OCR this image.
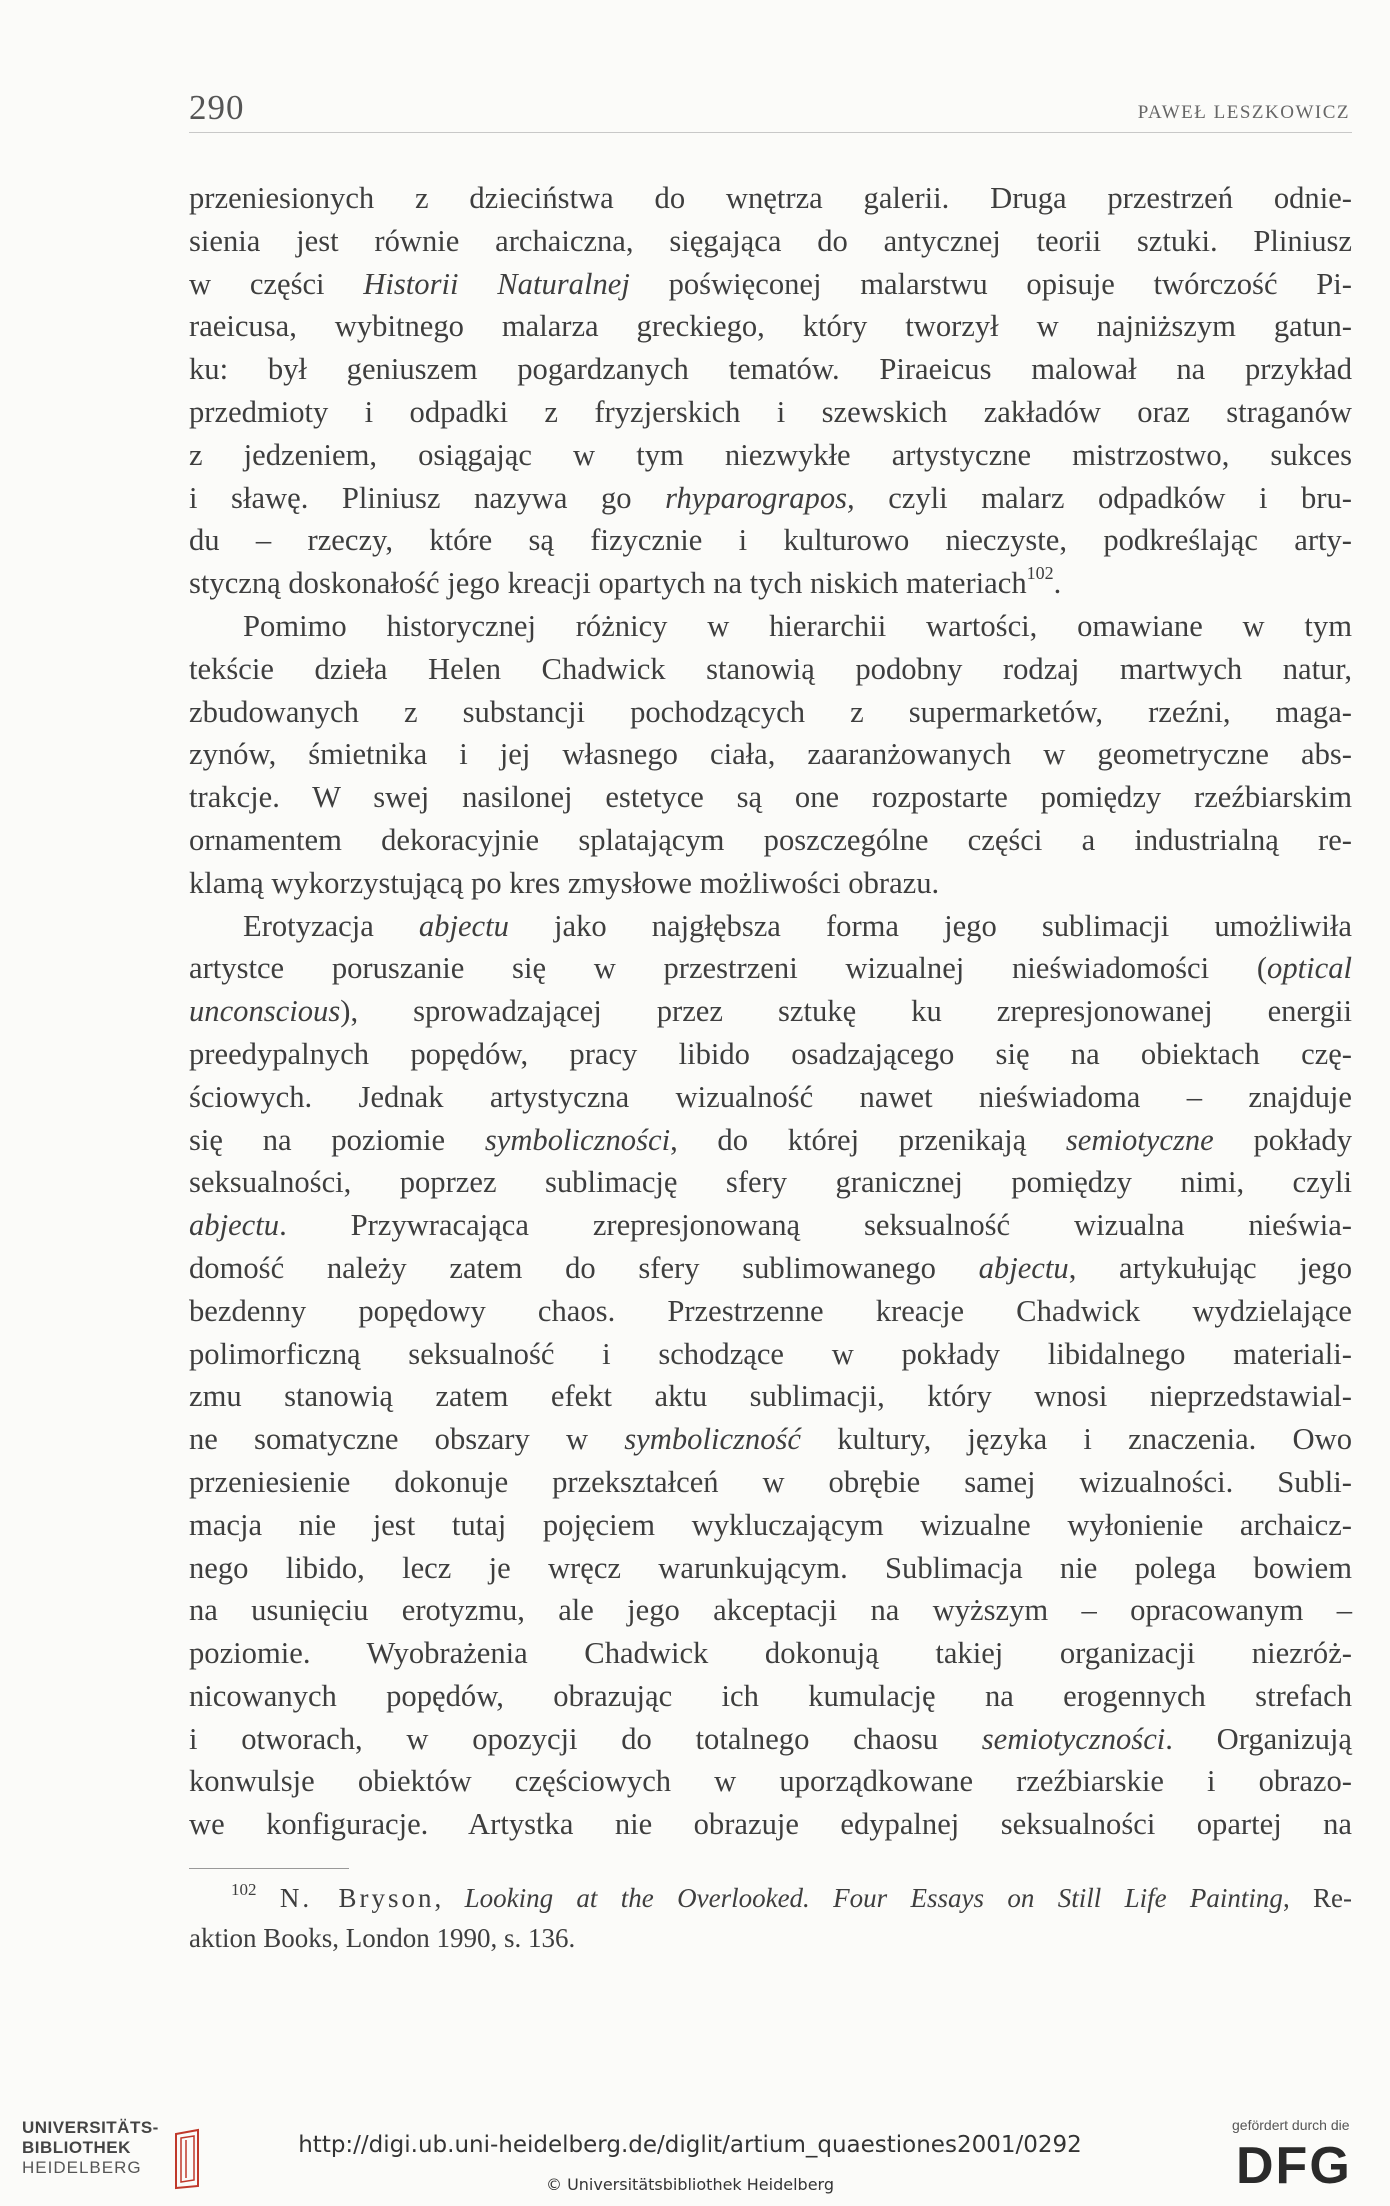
290	PAWEŁ LESZKOWICZ
przeniesionych z dzieciństwa do wnętrza galerii. Druga przestrzeń odnie-
sienia jest równie archaiczna, sięgająca do antycznej teorii sztuki. Pliniusz
w części Historii Naturalnej poświęconej malarstwu opisuje twórczość Pi-
raeicusa, wybitnego malarza greckiego, który tworzył w najniższym gatun-
ku: był geniuszem pogardzanych tematów. Piraeicus malował na przykład
przedmioty i odpadki z fryzjerskich i szewskich zakładów oraz straganów
z jedzeniem, osiągając w tym niezwykłe artystyczne mistrzostwo, sukces
i sławę. Pliniusz nazywa go rhyparograpos, czyli malarz odpadków i bru-
du – rzeczy, które są fizycznie i kulturowo nieczyste, podkreślając arty-
styczną doskonałość jego kreacji opartych na tych niskich materiach$^{102}$.
Pomimo historycznej różnicy w hierarchii wartości, omawiane w tym
tekście dzieła Helen Chadwick stanowią podobny rodzaj martwych natur,
zbudowanych z substancji pochodzących z supermarketów, rzeźni, maga-
zynów, śmietnika i jej własnego ciała, zaaranżowanych w geometryczne abs-
trakcje. W swej nasilonej estetyce są one rozpostarte pomiędzy rzeźbiarskim
ornamentem dekoracyjnie splatającym poszczególne części a industrialną re-
klamą wykorzystującą po kres zmysłowe możliwości obrazu.
Erotyzacja abjectu jako najgłębsza forma jego sublimacji umożliwiła
artystce poruszanie się w przestrzeni wizualnej nieświadomości (optical
unconscious), sprowadzającej przez sztukę ku zrepresjonowanej energii
preedypalnych popędów, pracy libido osadzającego się na obiektach czę-
ściowych. Jednak artystyczna wizualność nawet nieświadoma – znajduje
się na poziomie symboliczności, do której przenikają semiotyczne pokłady
seksualności, poprzez sublimację sfery granicznej pomiędzy nimi, czyli
abjectu. Przywracająca zrepresjonowaną seksualność wizualna nieświa-
domość należy zatem do sfery sublimowanego abjectu, artykułując jego
bezdenny popędowy chaos. Przestrzenne kreacje Chadwick wydzielające
polimorficzną seksualność i schodzące w pokłady libidalnego materiali-
zmu stanowią zatem efekt aktu sublimacji, który wnosi nieprzedstawial-
ne somatyczne obszary w symboliczność kultury, języka i znaczenia. Owo
przeniesienie dokonuje przekształceń w obrębie samej wizualności. Subli-
macja nie jest tutaj pojęciem wykluczającym wizualne wyłonienie archaicz-
nego libido, lecz je wręcz warunkującym. Sublimacja nie polega bowiem
na usunięciu erotyzmu, ale jego akceptacji na wyższym – opracowanym –
poziomie. Wyobrażenia Chadwick dokonują takiej organizacji niezróż-
nicowanych popędów, obrazując ich kumulację na erogennych strefach
i otworach, w opozycji do totalnego chaosu semiotyczności. Organizują
konwulsje obiektów częściowych w uporządkowane rzeźbiarskie i obrazo-
we konfiguracje. Artystka nie obrazuje edypalnej seksualności opartej na
$^{102}$ N. Bryson, Looking at the Overlooked. Four Essays on Still Life Painting, Re-
aktion Books, London 1990, s. 136.
UNIVERSITÄTS-
BIBLIOTHEK
HEIDELBERG
http://digi.ub.uni-heidelberg.de/diglit/artium_quaestiones2001/0292
© Universitätsbibliothek Heidelberg
gefördert durch die
DFG
